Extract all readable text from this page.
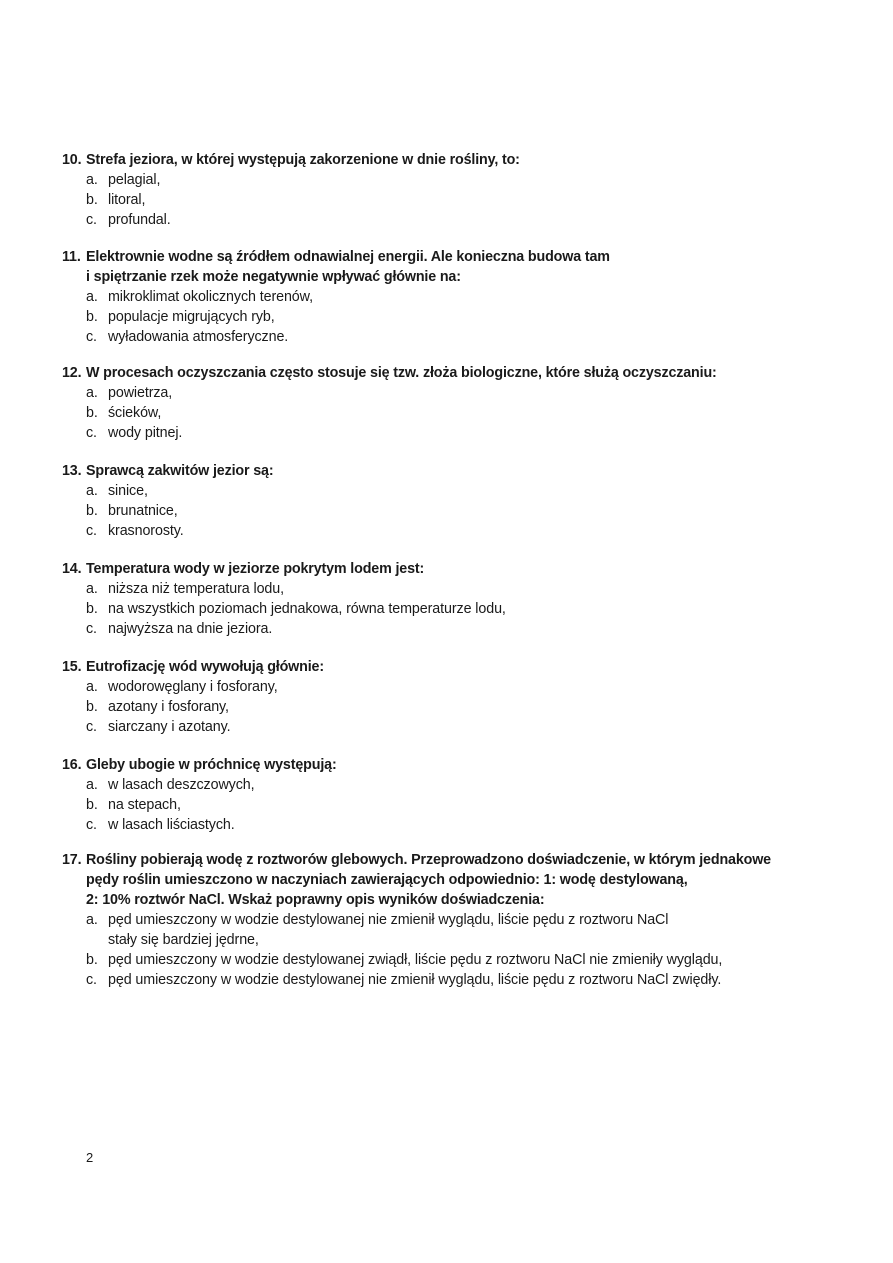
10. Strefa jeziora, w której występują zakorzenione w dnie rośliny, to:
a. pelagial,
b. litoral,
c. profundal.
11. Elektrownie wodne są źródłem odnawialnej energii. Ale konieczna budowa tam
i spiętrzanie rzek może negatywnie wpływać głównie na:
a. mikroklimat okolicznych terenów,
b. populacje migrujących ryb,
c. wyładowania atmosferyczne.
12. W procesach oczyszczania często stosuje się tzw. złoża biologiczne, które służą oczyszczaniu:
a. powietrza,
b. ścieków,
c. wody pitnej.
13. Sprawcą zakwitów jezior są:
a. sinice,
b. brunatnice,
c. krasnorosty.
14. Temperatura wody w jeziorze pokrytym lodem jest:
a. niższa niż temperatura lodu,
b. na wszystkich poziomach jednakowa, równa temperaturze lodu,
c. najwyższa na dnie jeziora.
15. Eutrofizację wód wywołują głównie:
a. wodorowęglany i fosforany,
b. azotany i fosforany,
c. siarczany i azotany.
16. Gleby ubogie w próchnicę występują:
a. w lasach deszczowych,
b. na stepach,
c. w lasach liściastych.
17. Rośliny pobierają wodę z roztworów glebowych. Przeprowadzono doświadczenie, w którym jednakowe
pędy roślin umieszczono w naczyniach zawierających odpowiednio: 1: wodę destylowaną,
2: 10% roztwór NaCl. Wskaż poprawny opis wyników doświadczenia:
a. pęd umieszczony w wodzie destylowanej nie zmienił wyglądu, liście pędu z roztworu NaCl
stały się bardziej jędrne,
b. pęd umieszczony w wodzie destylowanej zwiądł, liście pędu z roztworu NaCl nie zmieniły wyglądu,
c. pęd umieszczony w wodzie destylowanej nie zmienił wyglądu, liście pędu z roztworu NaCl zwiędły.
2
